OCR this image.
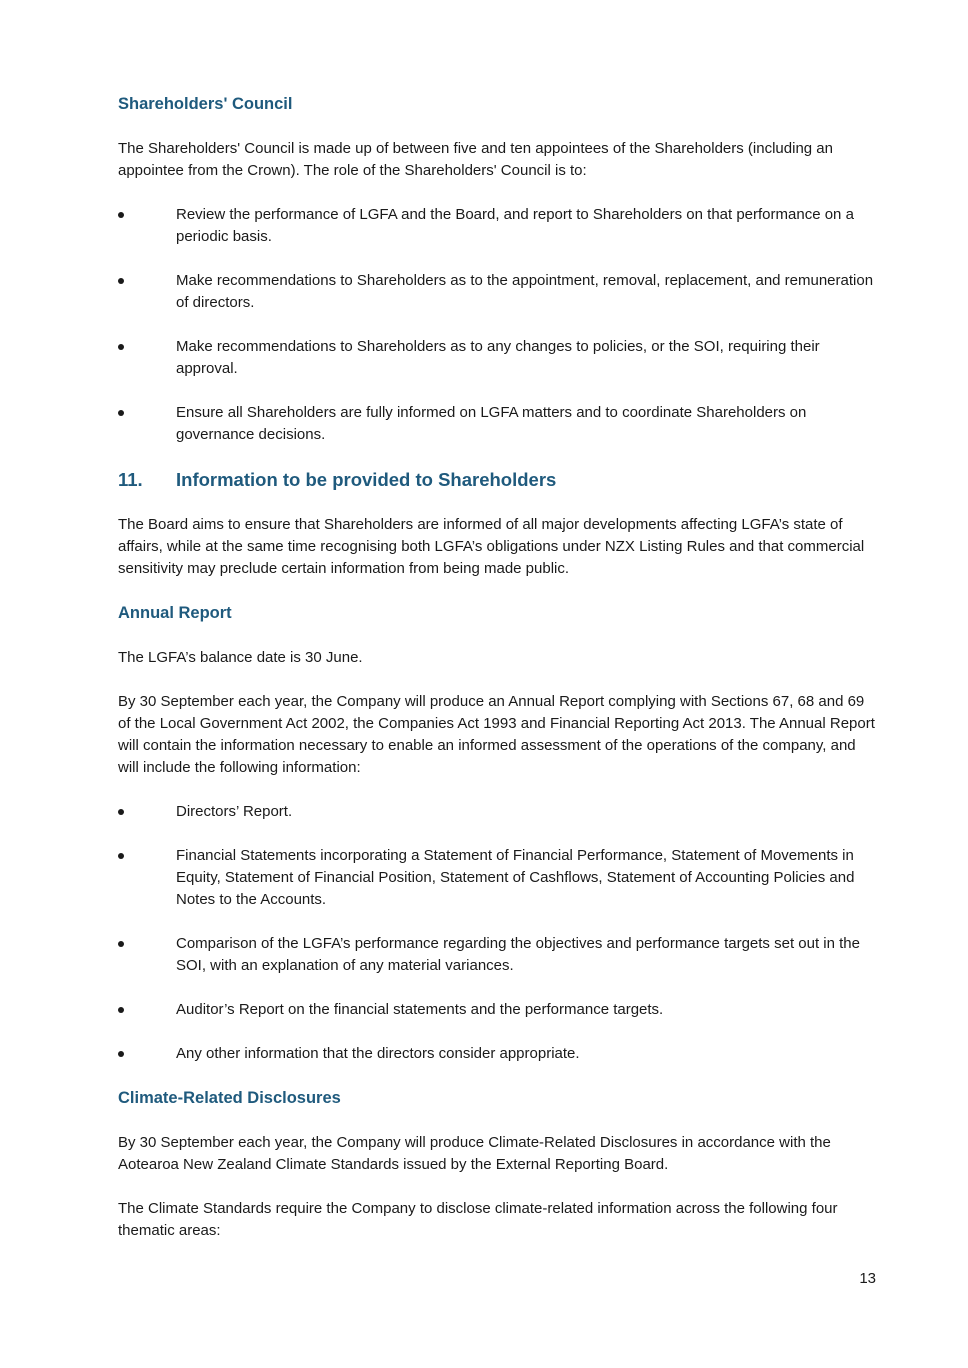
Shareholders' Council

The Shareholders' Council is made up of between five and ten appointees of the Shareholders (including an appointee from the Crown). The role of the Shareholders' Council is to:

Review the performance of LGFA and the Board, and report to Shareholders on that performance on a periodic basis.
Make recommendations to Shareholders as to the appointment, removal, replacement, and remuneration of directors.
Make recommendations to Shareholders as to any changes to policies, or the SOI, requiring their approval.
Ensure all Shareholders are fully informed on LGFA matters and to coordinate Shareholders on governance decisions.
11.	Information to be provided to Shareholders

The Board aims to ensure that Shareholders are informed of all major developments affecting LGFA’s state of affairs, while at the same time recognising both LGFA’s obligations under NZX Listing Rules and that commercial sensitivity may preclude certain information from being made public.

Annual Report

The LGFA’s balance date is 30 June.

By 30 September each year, the Company will produce an Annual Report complying with Sections 67, 68 and 69 of the Local Government Act 2002, the Companies Act 1993 and Financial Reporting Act 2013. The Annual Report will contain the information necessary to enable an informed assessment of the operations of the company, and will include the following information:

Directors’ Report.
Financial Statements incorporating a Statement of Financial Performance, Statement of Movements in Equity, Statement of Financial Position, Statement of Cashflows, Statement of Accounting Policies and Notes to the Accounts.
Comparison of the LGFA’s performance regarding the objectives and performance targets set out in the SOI, with an explanation of any material variances.
Auditor’s Report on the financial statements and the performance targets.
Any other information that the directors consider appropriate.
Climate-Related Disclosures

By 30 September each year, the Company will produce Climate-Related Disclosures in accordance with the Aotearoa New Zealand Climate Standards issued by the External Reporting Board.

The Climate Standards require the Company to disclose climate-related information across the following four thematic areas:

13
